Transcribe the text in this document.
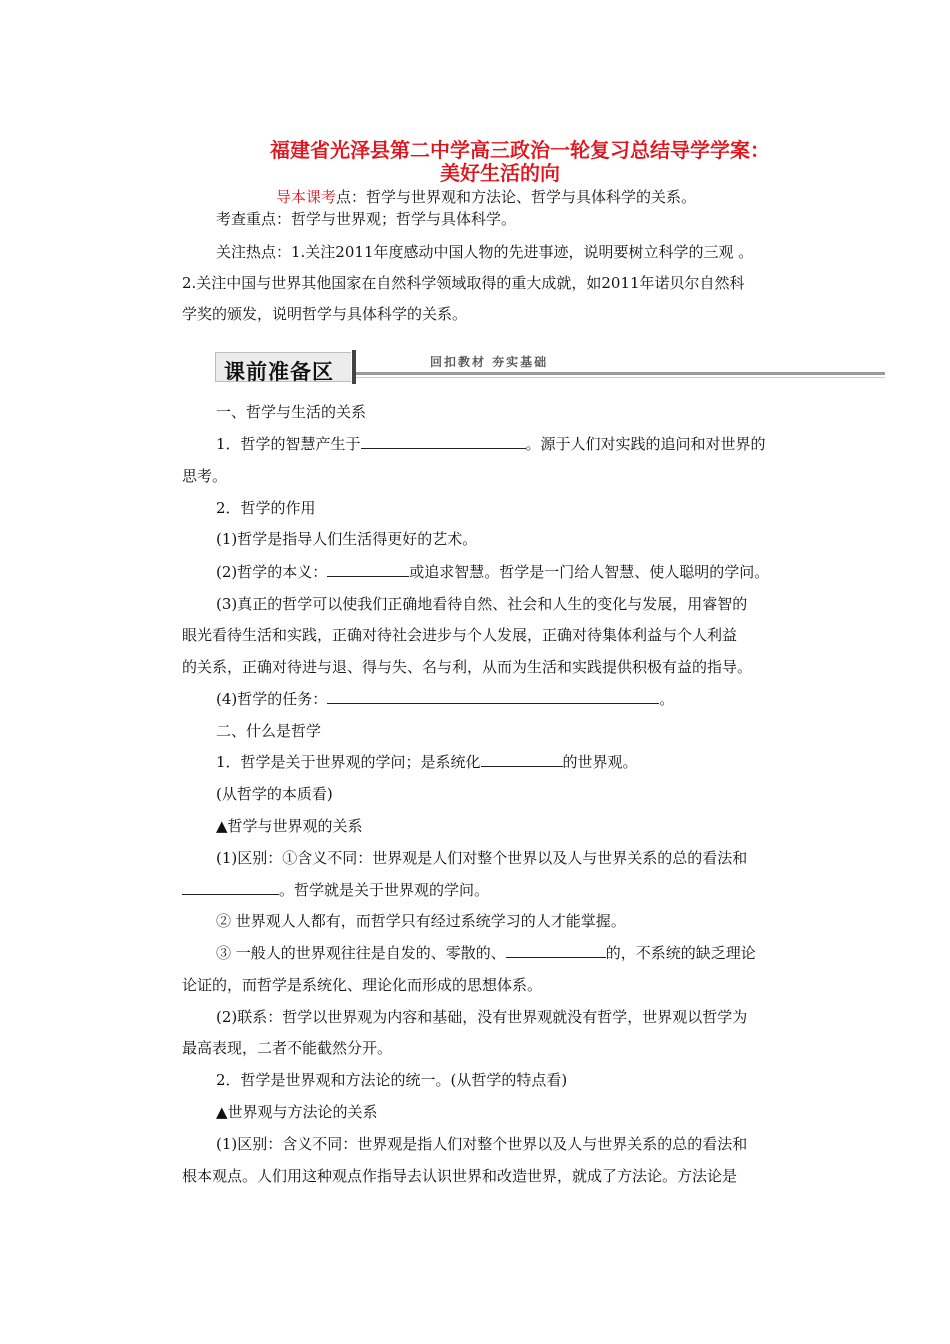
福建省光泽县第二中学高三政治一轮复习总结导学学案：
美好生活的向
导本课考点：哲学与世界观和方法论、哲学与具体科学的关系。
考查重点：哲学与世界观；哲学与具体科学。
关注热点：1.关注2011年度感动中国人物的先进事迹，说明要树立科学的三观 。
2.关注中国与世界其他国家在自然科学领域取得的重大成就，如2011年诺贝尔自然科
学奖的颁发，说明哲学与具体科学的关系。
课前准备区	回扣教材 夯实基础
一、哲学与生活的关系
1．哲学的智慧产生于	。源于人们对实践的追问和对世界的
思考。
2．哲学的作用
(1)哲学是指导人们生活得更好的艺术。
(2)哲学的本义：	或追求智慧。哲学是一门给人智慧、使人聪明的学问。
(3)真正的哲学可以使我们正确地看待自然、社会和人生的变化与发展，用睿智的
眼光看待生活和实践，正确对待社会进步与个人发展，正确对待集体利益与个人利益
的关系，正确对待进与退、得与失、名与利，从而为生活和实践提供积极有益的指导。
(4)哲学的任务：	。
二、什么是哲学
1．哲学是关于世界观的学问；是系统化	的世界观。
(从哲学的本质看)
▲哲学与世界观的关系
(1)区别：①含义不同：世界观是人们对整个世界以及人与世界关系的总的看法和
。哲学就是关于世界观的学问。
② 世界观人人都有，而哲学只有经过系统学习的人才能掌握。
③ 一般人的世界观往往是自发的、零散的、	的，不系统的缺乏理论
论证的，而哲学是系统化、理论化而形成的思想体系。
(2)联系：哲学以世界观为内容和基础，没有世界观就没有哲学，世界观以哲学为
最高表现，二者不能截然分开。
2．哲学是世界观和方法论的统一。(从哲学的特点看)
▲世界观与方法论的关系
(1)区别：含义不同：世界观是指人们对整个世界以及人与世界关系的总的看法和
根本观点。人们用这种观点作指导去认识世界和改造世界，就成了方法论。方法论是
